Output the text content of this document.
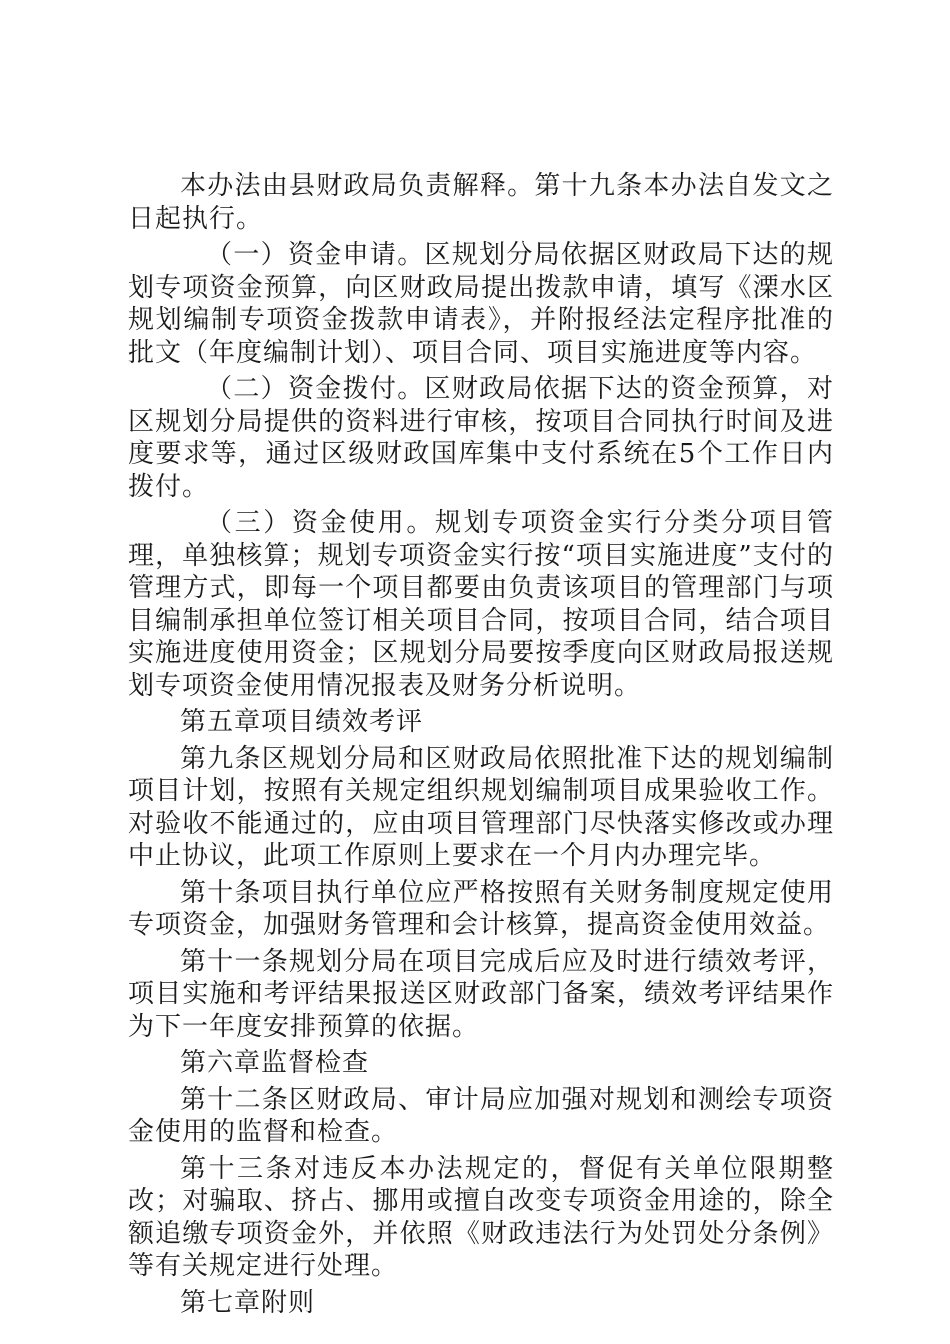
本办法由县财政局负责解释。第十九条本办法自发文之日起执行。

（一）资金申请。区规划分局依据区财政局下达的规划专项资金预算，向区财政局提出拨款申请，填写《溧水区规划编制专项资金拨款申请表》，并附报经法定程序批准的批文（年度编制计划）、项目合同、项目实施进度等内容。

（二）资金拨付。区财政局依据下达的资金预算，对区规划分局提供的资料进行审核，按项目合同执行时间及进度要求等，通过区级财政国库集中支付系统在5个工作日内拨付。

（三）资金使用。规划专项资金实行分类分项目管理，单独核算；规划专项资金实行按“项目实施进度”支付的管理方式，即每一个项目都要由负责该项目的管理部门与项目编制承担单位签订相关项目合同，按项目合同，结合项目实施进度使用资金；区规划分局要按季度向区财政局报送规划专项资金使用情况报表及财务分析说明。

第五章项目绩效考评

第九条区规划分局和区财政局依照批准下达的规划编制项目计划，按照有关规定组织规划编制项目成果验收工作。对验收不能通过的，应由项目管理部门尽快落实修改或办理中止协议，此项工作原则上要求在一个月内办理完毕。

第十条项目执行单位应严格按照有关财务制度规定使用专项资金，加强财务管理和会计核算，提高资金使用效益。

第十一条规划分局在项目完成后应及时进行绩效考评，项目实施和考评结果报送区财政部门备案，绩效考评结果作为下一年度安排预算的依据。

第六章监督检查

第十二条区财政局、审计局应加强对规划和测绘专项资金使用的监督和检查。

第十三条对违反本办法规定的，督促有关单位限期整改；对骗取、挤占、挪用或擅自改变专项资金用途的，除全额追缴专项资金外，并依照《财政违法行为处罚处分条例》等有关规定进行处理。

第七章附则
